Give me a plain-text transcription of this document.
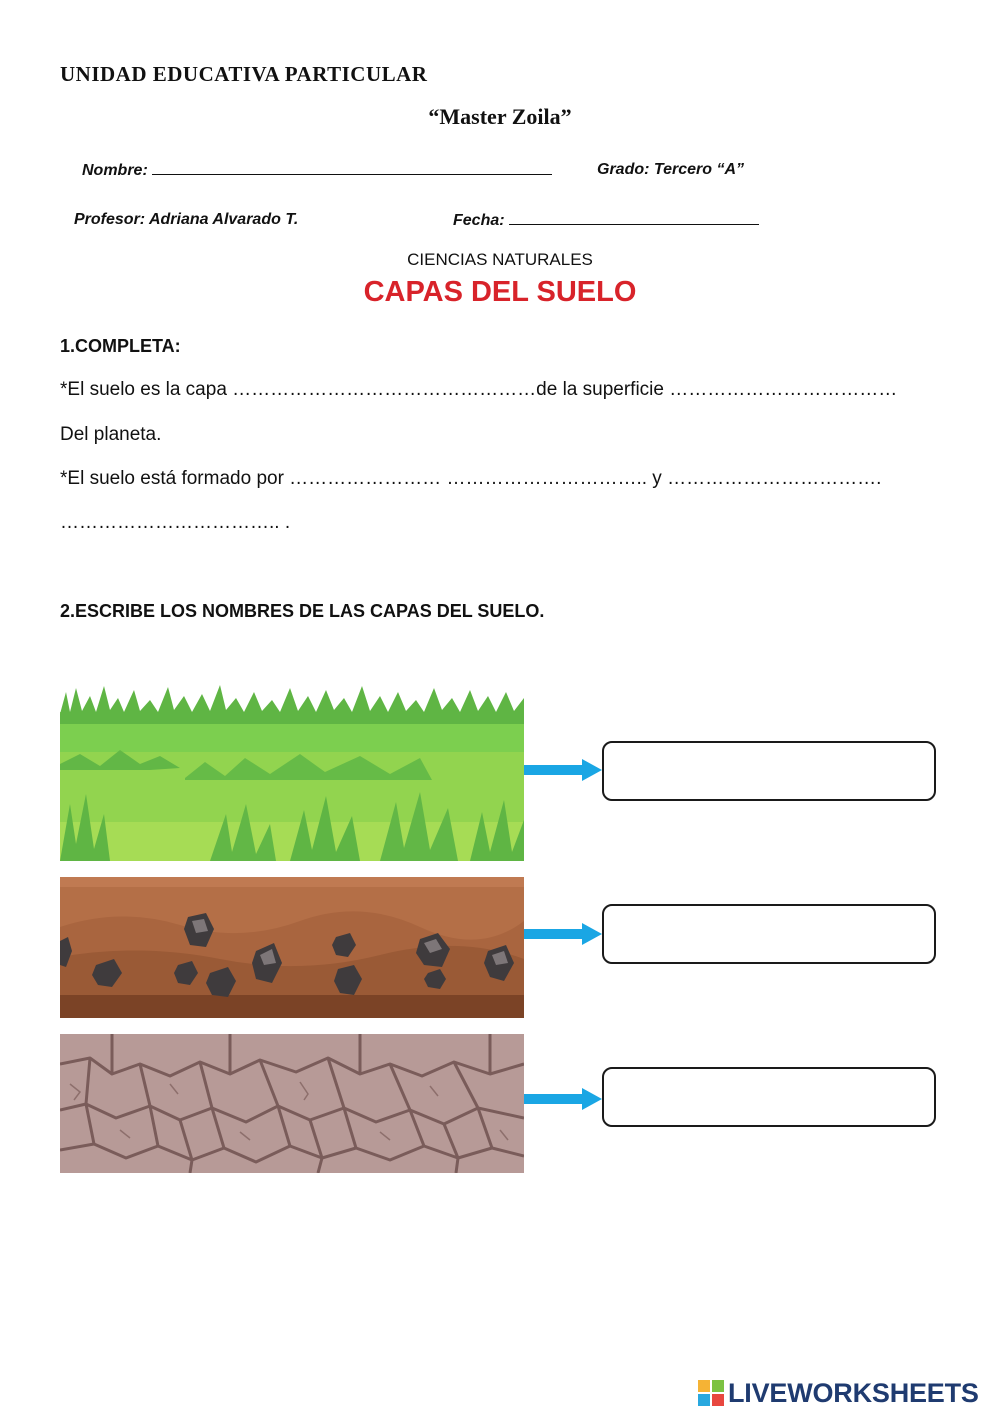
UNIDAD EDUCATIVA PARTICULAR
“Master Zoila”
Nombre:	Grado: Tercero “A”
Profesor: Adriana Alvarado T.	Fecha:
CIENCIAS NATURALES
CAPAS DEL SUELO
1.COMPLETA:
*El suelo es la capa …………………………………………de la superficie ………………………………
Del planeta.
*El suelo está formado por …………………… ………………………….. y …………………………….
…………………………….. .
2.ESCRIBE LOS NOMBRES DE LAS CAPAS DEL SUELO.
LIVEWORKSHEETS
